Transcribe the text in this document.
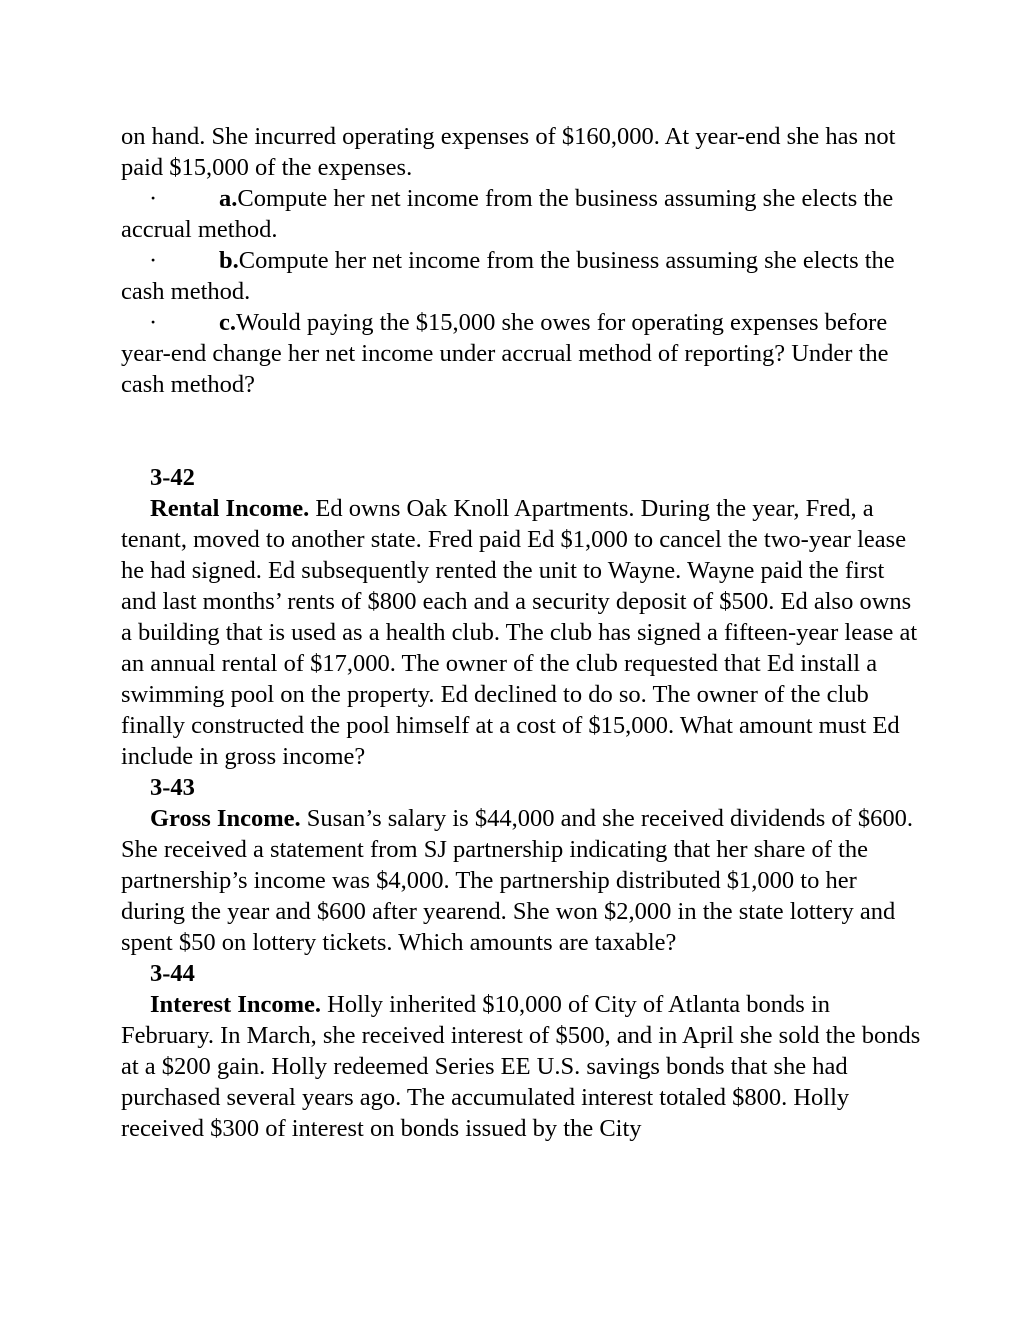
on hand. She incurred operating expenses of $160,000. At year-end she has not paid $15,000 of the expenses.

·	a.Compute her net income from the business assuming she elects the accrual method.

·	b.Compute her net income from the business assuming she elects the cash method.

·	c.Would paying the $15,000 she owes for operating expenses before year-end change her net income under accrual method of reporting? Under the cash method?

3-42

Rental Income. Ed owns Oak Knoll Apartments. During the year, Fred, a tenant, moved to another state. Fred paid Ed $1,000 to cancel the two-year lease he had signed. Ed subsequently rented the unit to Wayne. Wayne paid the first and last months’ rents of $800 each and a security deposit of $500. Ed also owns a building that is used as a health club. The club has signed a fifteen-year lease at an annual rental of $17,000. The owner of the club requested that Ed install a swimming pool on the property. Ed declined to do so. The owner of the club finally constructed the pool himself at a cost of $15,000. What amount must Ed include in gross income?

3-43

Gross Income. Susan’s salary is $44,000 and she received dividends of $600. She received a statement from SJ partnership indicating that her share of the partnership’s income was $4,000. The partnership distributed $1,000 to her during the year and $600 after yearend. She won $2,000 in the state lottery and spent $50 on lottery tickets. Which amounts are taxable?

3-44

Interest Income. Holly inherited $10,000 of City of Atlanta bonds in February. In March, she received interest of $500, and in April she sold the bonds at a $200 gain. Holly redeemed Series EE U.S. savings bonds that she had purchased several years ago. The accumulated interest totaled $800. Holly received $300 of interest on bonds issued by the City
